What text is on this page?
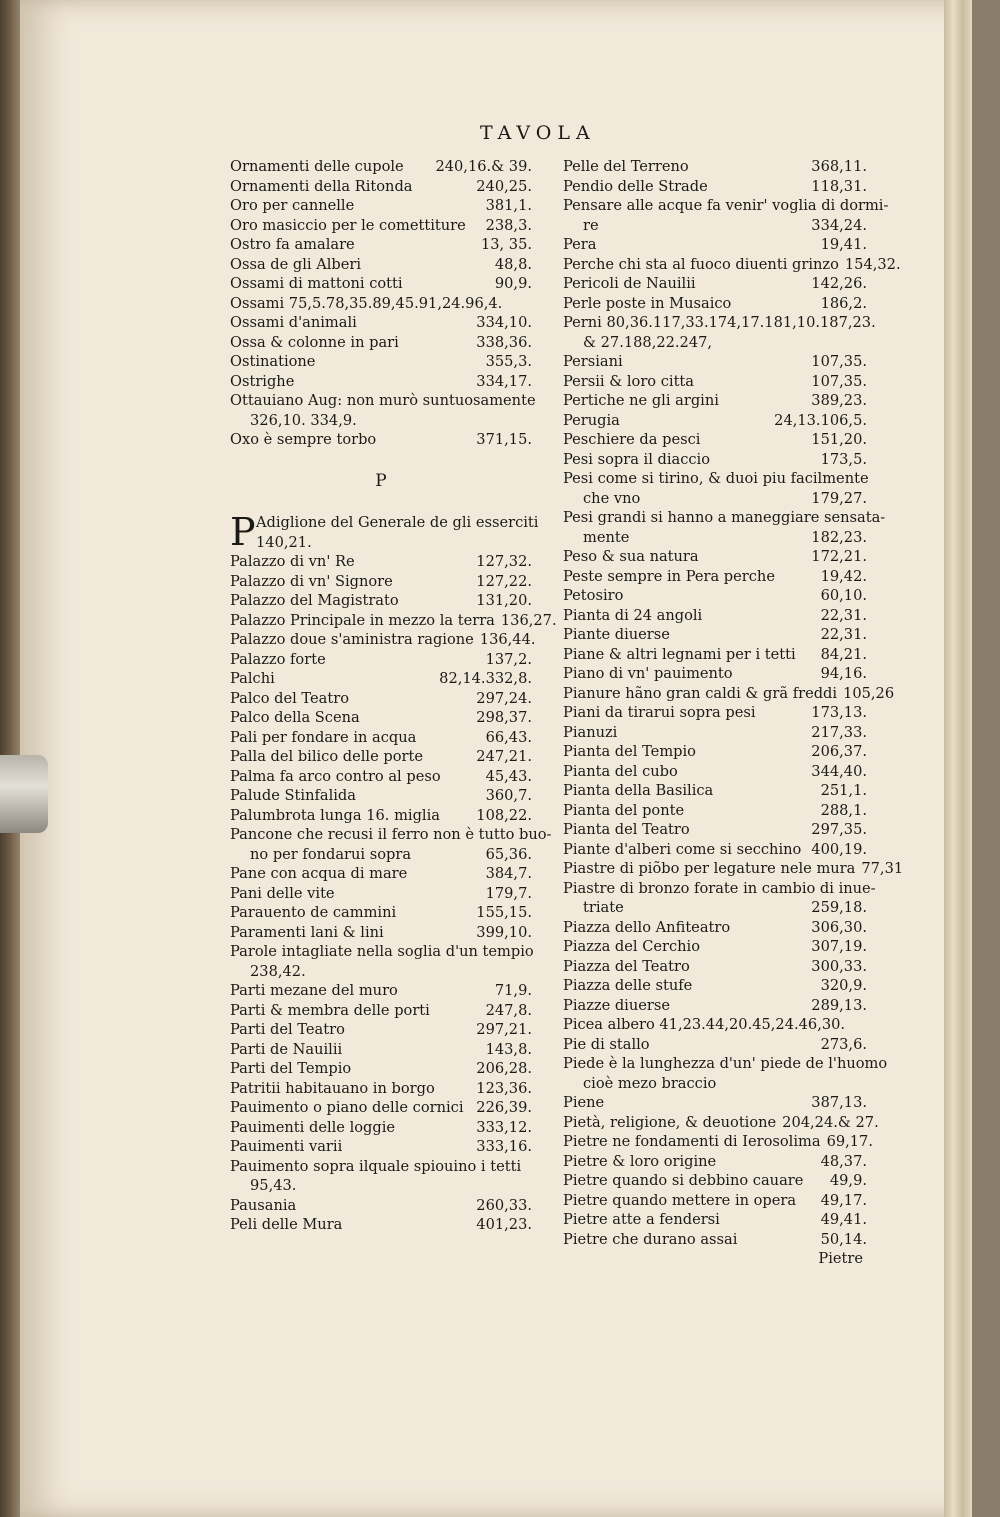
TAVOLA
Ornamenti delle cupole	240,16.& 39.
Ornamenti della Ritonda	240,25.
Oro per cannelle	381,1.
Oro masiccio per le comettiture	238,3.
Ostro fa amalare	13, 35.
Ossa de gli Alberi	48,8.
Ossami di mattoni cotti	90,9.
Ossami 75,5.78,35.89,45.91,24.96,4.
Ossami d'animali	334,10.
Ossa & colonne in pari	338,36.
Ostinatione	355,3.
Ostrighe	334,17.
Ottauiano Aug: non murò suntuosamente
326,10. 334,9.
Oxo è sempre torbo	371,15.
P
P Adiglione del Generale de gli esserciti
140,21.
Palazzo di vn' Re	127,32.
Palazzo di vn' Signore	127,22.
Palazzo del Magistrato	131,20.
Palazzo Principale in mezzo la terra 136,27.
Palazzo doue s'aministra ragione 136,44.
Palazzo forte	137,2.
Palchi	82,14.332,8.
Palco del Teatro	297,24.
Palco della Scena	298,37.
Pali per fondare in acqua	66,43.
Palla del bilico delle porte	247,21.
Palma fa arco contro al peso	45,43.
Palude Stinfalida	360,7.
Palumbrota lunga 16. miglia	108,22.
Pancone che recusi il ferro non è tutto buo-
no per fondarui sopra	65,36.
Pane con acqua di mare	384,7.
Pani delle vite	179,7.
Parauento de cammini	155,15.
Paramenti lani & lini	399,10.
Parole intagliate nella soglia d'un tempio
238,42.
Parti mezane del muro	71,9.
Parti & membra delle porti	247,8.
Parti del Teatro	297,21.
Parti de Nauilii	143,8.
Parti del Tempio	206,28.
Patritii habitauano in borgo	123,36.
Pauimento o piano delle cornici 226,39.
Pauimenti delle loggie	333,12.
Pauimenti varii	333,16.
Pauimento sopra ilquale spiouino i tetti
95,43.
Pausania	260,33.
Peli delle Mura	401,23.
Pelle del Terreno	368,11.
Pendio delle Strade	118,31.
Pensare alle acque fa venir' voglia di dormi-
re	334,24.
Pera	19,41.
Perche chi sta al fuoco diuenti grinzo 154,32.
Pericoli de Nauilii	142,26.
Perle poste in Musaico	186,2.
Perni 80,36.117,33.174,17.181,10.187,23.
& 27.188,22.247,
Persiani	107,35.
Persii & loro citta	107,35.
Pertiche ne gli argini	389,23.
Perugia	24,13.106,5.
Peschiere da pesci	151,20.
Pesi sopra il diaccio	173,5.
Pesi come si tirino, & duoi piu facilmente
che vno	179,27.
Pesi grandi si hanno a maneggiare sensata-
mente	182,23.
Peso & sua natura	172,21.
Peste sempre in Pera perche	19,42.
Petosiro	60,10.
Pianta di 24 angoli	22,31.
Piante diuerse	22,31.
Piane & altri legnami per i tetti	84,21.
Piano di vn' pauimento	94,16.
Pianure hãno gran caldi & grã freddi 105,26
Piani da tirarui sopra pesi	173,13.
Pianuzi	217,33.
Pianta del Tempio	206,37.
Pianta del cubo	344,40.
Pianta della Basilica	251,1.
Pianta del ponte	288,1.
Pianta del Teatro	297,35.
Piante d'alberi come si secchino 400,19.
Piastre di piõbo per legature nele mura 77,31
Piastre di bronzo forate in cambio di inue-
triate	259,18.
Piazza dello Anfiteatro	306,30.
Piazza del Cerchio	307,19.
Piazza del Teatro	300,33.
Piazza delle stufe	320,9.
Piazze diuerse	289,13.
Picea albero 41,23.44,20.45,24.46,30.
Pie di stallo	273,6.
Piede è la lunghezza d'un' piede de l'huomo
cioè mezo braccio
Piene	387,13.
Pietà, religione, & deuotione 204,24.& 27.
Pietre ne fondamenti di Ierosolima 69,17.
Pietre & loro origine	48,37.
Pietre quando si debbino cauare	49,9.
Pietre quando mettere in opera	49,17.
Pietre atte a fendersi	49,41.
Pietre che durano assai	50,14.
Pietre
